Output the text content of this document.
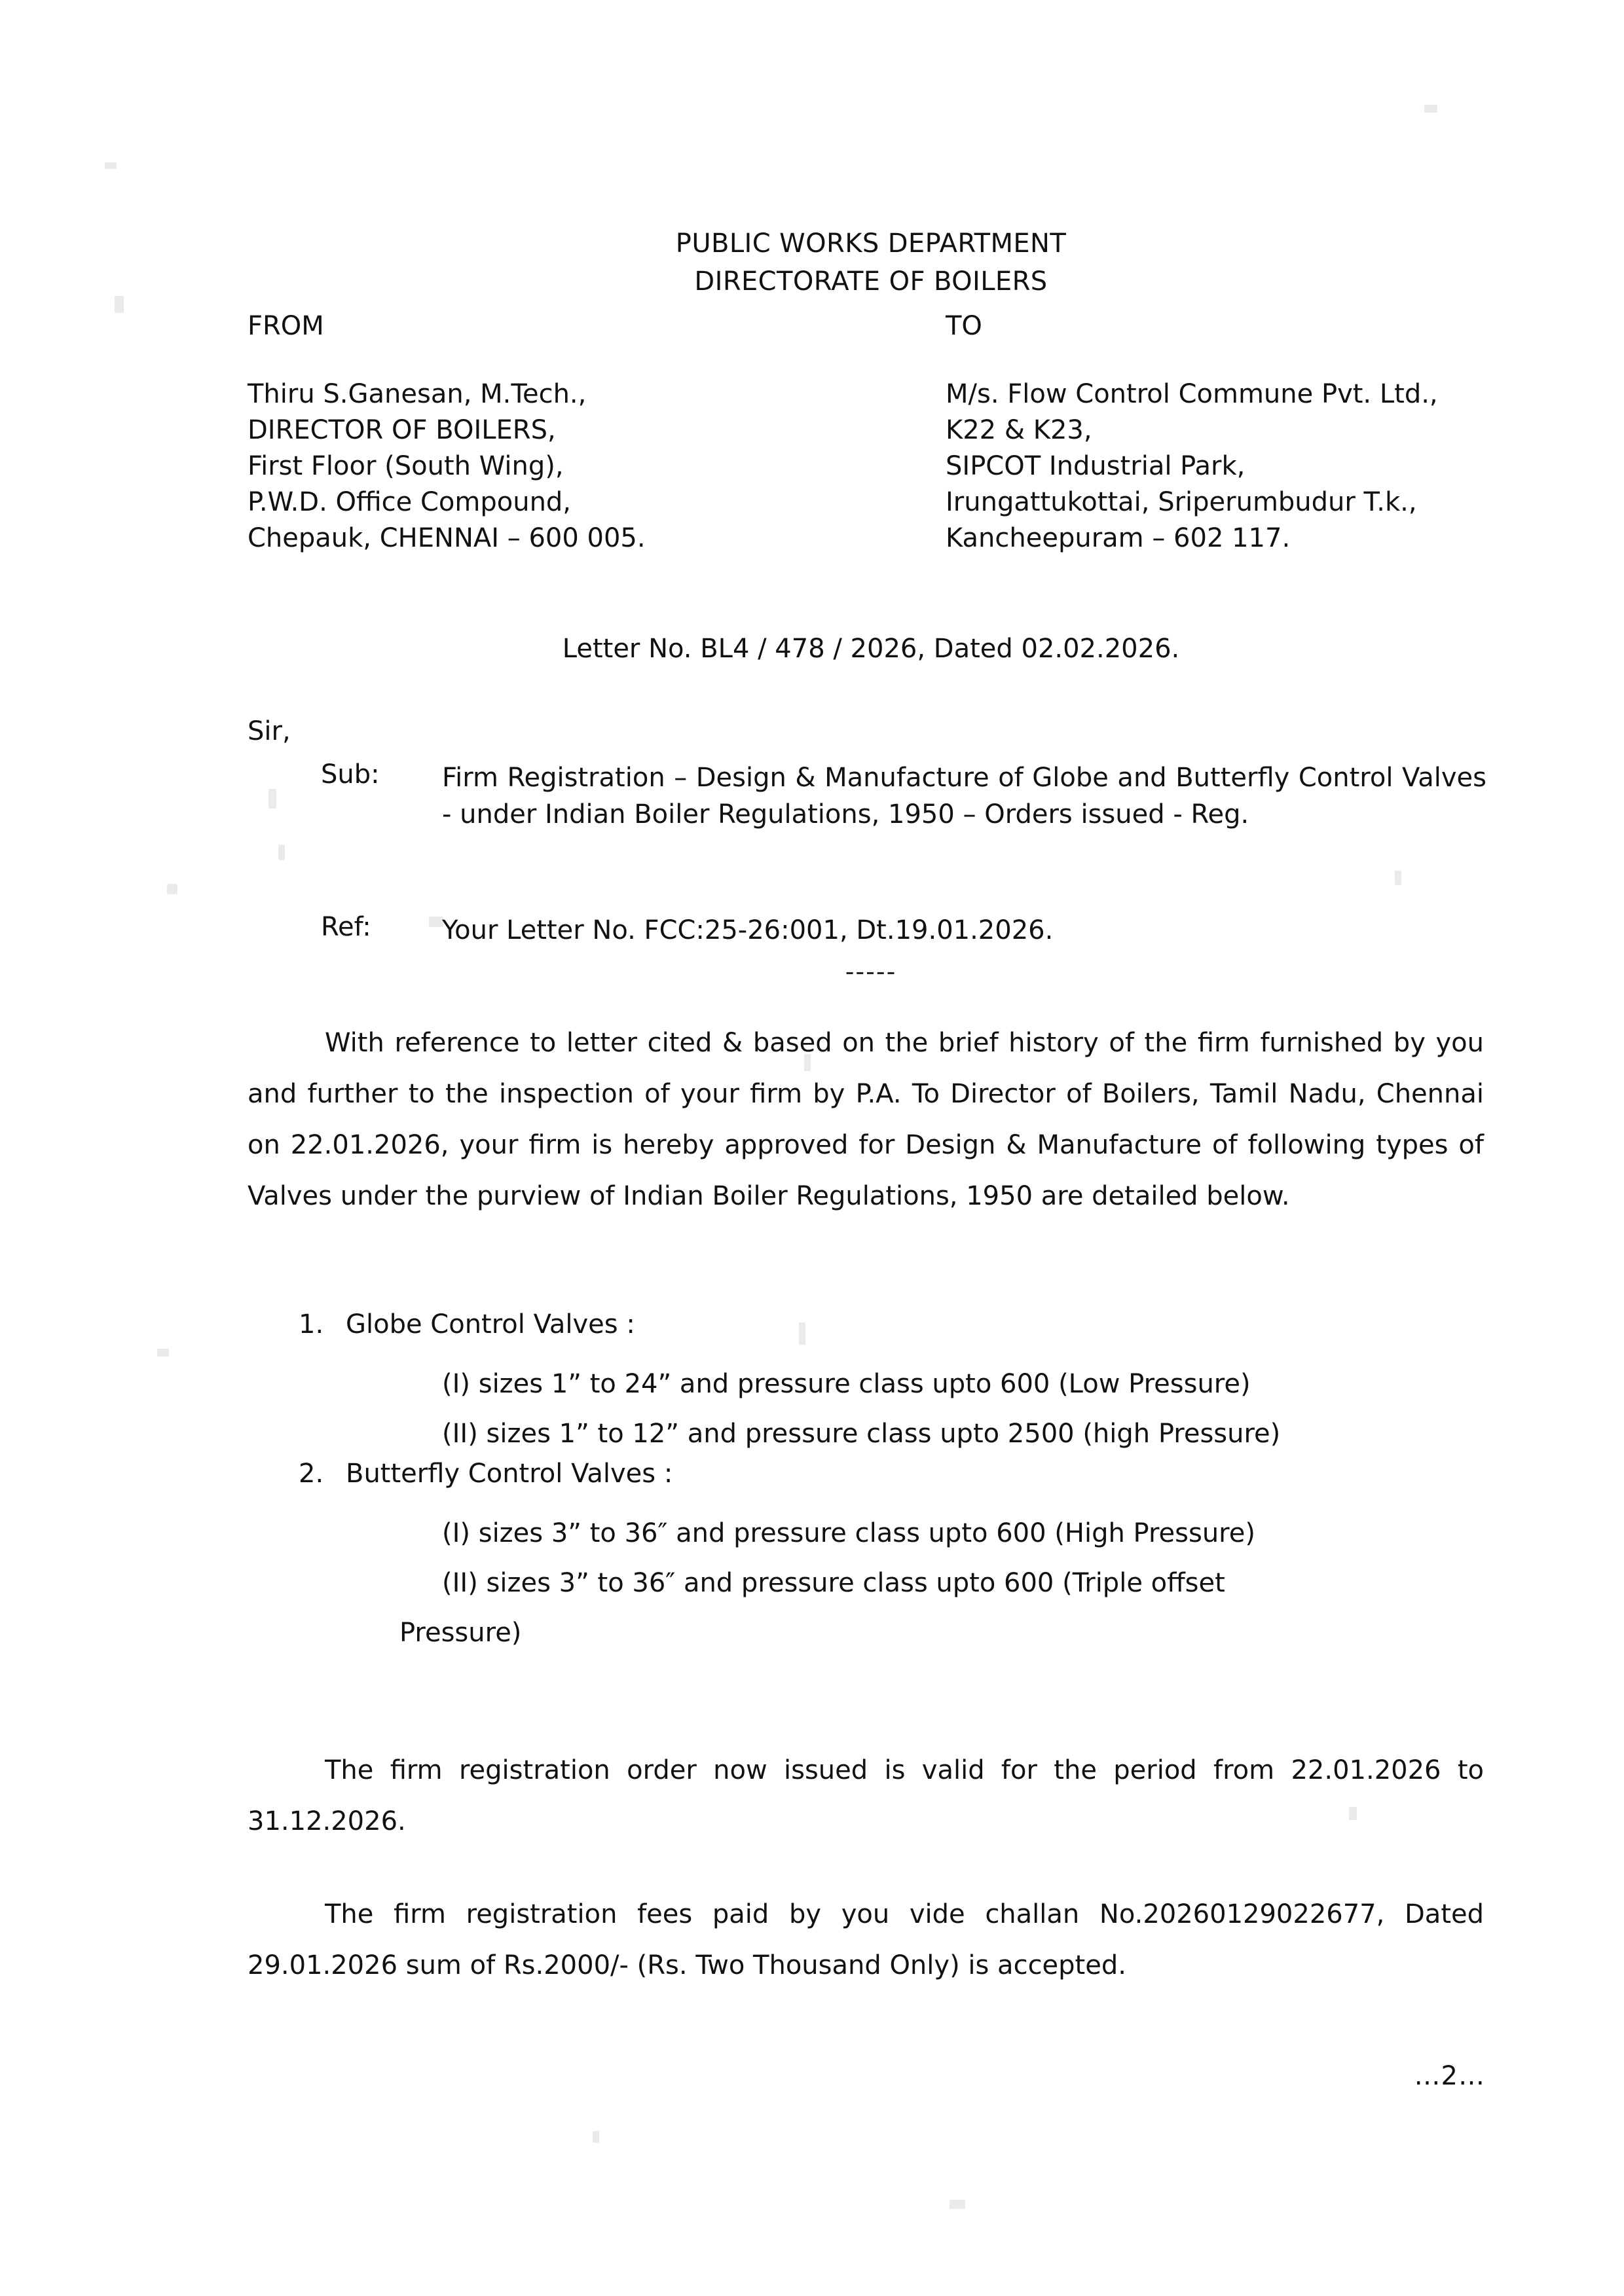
PUBLIC WORKS DEPARTMENT
DIRECTORATE OF BOILERS
FROM	TO
Thiru S.Ganesan, M.Tech.,
DIRECTOR OF BOILERS,
First Floor (South Wing),
P.W.D. Office Compound,
Chepauk, CHENNAI – 600 005.
M/s. Flow Control Commune Pvt. Ltd.,
K22 & K23,
SIPCOT Industrial Park,
Irungattukottai, Sriperumbudur T.k.,
Kancheepuram – 602 117.
Letter No. BL4 / 478 / 2026, Dated 02.02.2026.
Sir,
Sub:	Firm Registration – Design & Manufacture of Globe and Butterfly Control Valves - under Indian Boiler Regulations, 1950 – Orders issued - Reg.
Ref:	Your Letter No. FCC:25-26:001, Dt.19.01.2026.
-----
With reference to letter cited & based on the brief history of the firm furnished by you and further to the inspection of your firm by P.A. To Director of Boilers, Tamil Nadu, Chennai on 22.01.2026, your firm is hereby approved for Design & Manufacture of following types of Valves under the purview of Indian Boiler Regulations, 1950 are detailed below.
1. Globe Control Valves :
(I) sizes 1” to 24” and pressure class upto 600 (Low Pressure)
(II) sizes 1” to 12” and pressure class upto 2500 (high Pressure)
2. Butterfly Control Valves :
(I) sizes 3” to 36″ and pressure class upto 600 (High Pressure)
(II) sizes 3” to 36″ and pressure class upto 600 (Triple offset
Pressure)
The firm registration order now issued is valid for the period from 22.01.2026 to 31.12.2026.
The firm registration fees paid by you vide challan No.20260129022677, Dated 29.01.2026 sum of Rs.2000/- (Rs. Two Thousand Only) is accepted.
…2…
